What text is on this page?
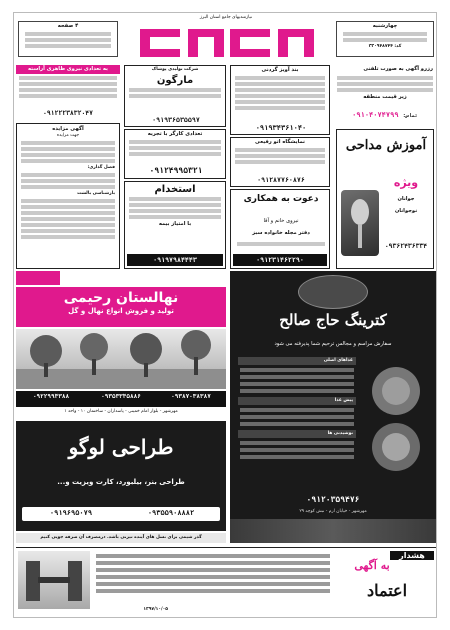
نیازمندیهای جامع استان البرز
چهارشنبه
کد: ۳۳۰۹۴۸۷۴۴
۴ صفحه
رزرو آگهی به صورت تلفنی
زیر قیمت منطقه
تماس: ۰۹۱۰۴۰۷۴۷۹۹
آموزش مداحی
ویژه
جوانان
نوجوانان
۰۹۳۶۲۴۳۶۳۳۴
بند آویز گردنی
۰۹۱۹۳۴۳۶۱۰۴۰
نمایشگاه اتو رفیعی
۰۹۱۲۸۷۷۶۰۸۷۶
دعوت به همکاری
نیروی خانم و آقا
دفتر مجله خانواده سبز
۰۹۱۲۳۱۴۶۲۲۹۰
شرکت تولیدی پوشاک
مارگون
۰۹۱۹۳۶۵۳۵۵۹۷
تعدادی کارگر با تجربه
۰۹۱۲۴۹۹۵۳۲۱
استخدام
با امتیاز بیمه
۰۹۱۹۷۹۸۴۴۴۳
به تعدادی نیروی ظاهری آراسته
۰۹۱۲۲۲۳۸۳۲۰۴۷
آگهی مزایده
جهت مزایده
فصل گذاری:
بازشناسی بالشت
نهالستان رحیمی
تولید و فروش انواع نهال و گل
۰۹۲۲۹۹۴۳۸۸	۰۹۳۵۳۳۴۵۸۸۶	۰۹۳۸۷۰۳۸۳۸۷
مهرشهر - بلوار امام خمینی - پاسداران - ساختمان ۱۰ - واحد ۱
کترینگ حاج صالح
سفارش مراسم و مجالس ترحیم شما پذیرفته می شود
غذاهای اصلی
پیش غذا
نوشیدنی ها
۰۹۱۲۰۳۵۹۴۷۶
مهرشهر - خیابان ارم - نبش کوچه ۲۹
طراحی لوگو
طراحی بنر، بیلبورد، کارت ویزیت و...
۰۹۱۹۶۹۵۰۷۹	۰۹۳۵۵۹۰۸۸۸۲
گذر شیمی برای نسل های آینده تیرنی باشد. درمصرف آن صرفه جویی کنیم
۱۳۹۷/۱۰/۰۵
هشدار
به آگهی
اعتماد
